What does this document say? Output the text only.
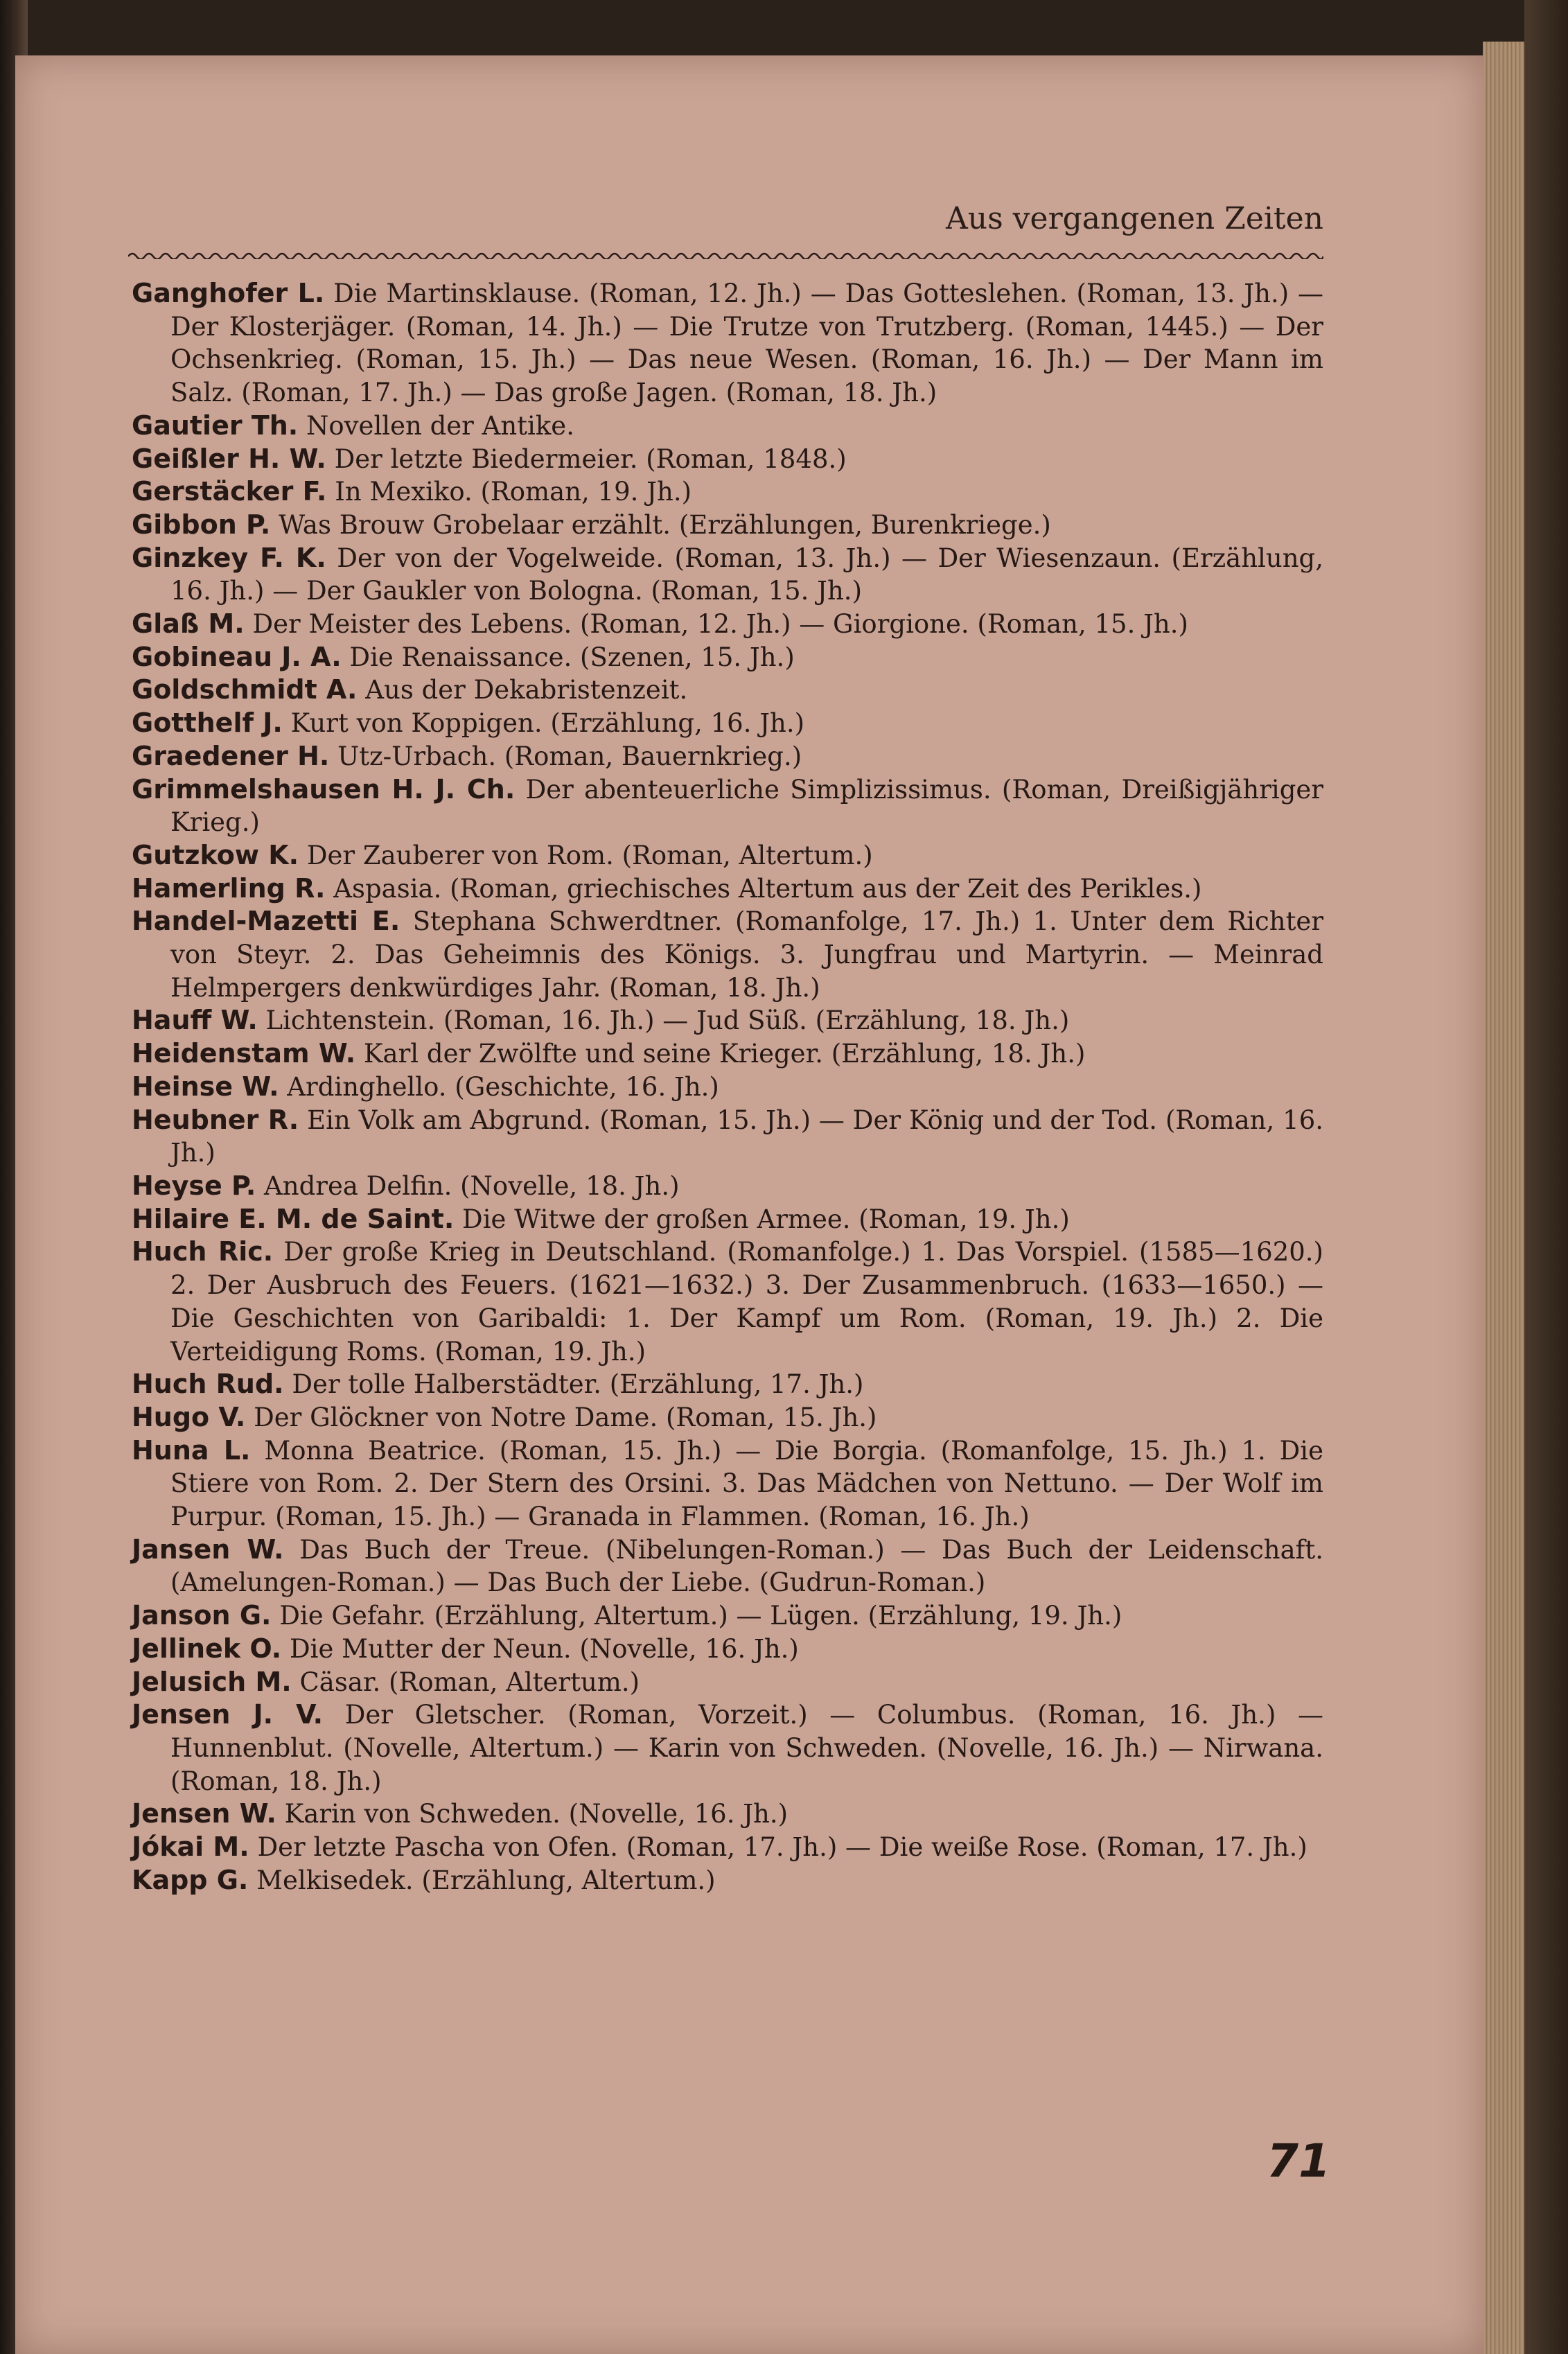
Aus vergangenen Zeiten

Ganghofer L. Die Martinsklause. (Roman, 12. Jh.) — Das Gotteslehen. (Roman, 13. Jh.) — Der Klosterjäger. (Roman, 14. Jh.) — Die Trutze von Trutzberg. (Roman, 1445.) — Der Ochsenkrieg. (Roman, 15. Jh.) — Das neue Wesen. (Roman, 16. Jh.) — Der Mann im Salz. (Roman, 17. Jh.) — Das große Jagen. (Roman, 18. Jh.)

Gautier Th. Novellen der Antike.

Geißler H. W. Der letzte Biedermeier. (Roman, 1848.)

Gerstäcker F. In Mexiko. (Roman, 19. Jh.)

Gibbon P. Was Brouw Grobelaar erzählt. (Erzählungen, Burenkriege.)

Ginzkey F. K. Der von der Vogelweide. (Roman, 13. Jh.) — Der Wiesenzaun. (Erzählung, 16. Jh.) — Der Gaukler von Bologna. (Roman, 15. Jh.)

Glaß M. Der Meister des Lebens. (Roman, 12. Jh.) — Giorgione. (Roman, 15. Jh.)

Gobineau J. A. Die Renaissance. (Szenen, 15. Jh.)

Goldschmidt A. Aus der Dekabristenzeit.

Gotthelf J. Kurt von Koppigen. (Erzählung, 16. Jh.)

Graedener H. Utz-Urbach. (Roman, Bauernkrieg.)

Grimmelshausen H. J. Ch. Der abenteuerliche Simplizissimus. (Roman, Dreißigjähriger Krieg.)

Gutzkow K. Der Zauberer von Rom. (Roman, Altertum.)

Hamerling R. Aspasia. (Roman, griechisches Altertum aus der Zeit des Perikles.)

Handel-Mazetti E. Stephana Schwerdtner. (Romanfolge, 17. Jh.) 1. Unter dem Richter von Steyr. 2. Das Geheimnis des Königs. 3. Jungfrau und Martyrin. — Meinrad Helmpergers denkwürdiges Jahr. (Roman, 18. Jh.)

Hauff W. Lichtenstein. (Roman, 16. Jh.) — Jud Süß. (Erzählung, 18. Jh.)

Heidenstam W. Karl der Zwölfte und seine Krieger. (Erzählung, 18. Jh.)

Heinse W. Ardinghello. (Geschichte, 16. Jh.)

Heubner R. Ein Volk am Abgrund. (Roman, 15. Jh.) — Der König und der Tod. (Roman, 16. Jh.)

Heyse P. Andrea Delfin. (Novelle, 18. Jh.)

Hilaire E. M. de Saint. Die Witwe der großen Armee. (Roman, 19. Jh.)

Huch Ric. Der große Krieg in Deutschland. (Romanfolge.) 1. Das Vorspiel. (1585—1620.) 2. Der Ausbruch des Feuers. (1621—1632.) 3. Der Zusammenbruch. (1633—1650.) — Die Geschichten von Garibaldi: 1. Der Kampf um Rom. (Roman, 19. Jh.) 2. Die Verteidigung Roms. (Roman, 19. Jh.)

Huch Rud. Der tolle Halberstädter. (Erzählung, 17. Jh.)

Hugo V. Der Glöckner von Notre Dame. (Roman, 15. Jh.)

Huna L. Monna Beatrice. (Roman, 15. Jh.) — Die Borgia. (Romanfolge, 15. Jh.) 1. Die Stiere von Rom. 2. Der Stern des Orsini. 3. Das Mädchen von Nettuno. — Der Wolf im Purpur. (Roman, 15. Jh.) — Granada in Flammen. (Roman, 16. Jh.)

Jansen W. Das Buch der Treue. (Nibelungen-Roman.) — Das Buch der Leidenschaft. (Amelungen-Roman.) — Das Buch der Liebe. (Gudrun-Roman.)

Janson G. Die Gefahr. (Erzählung, Altertum.) — Lügen. (Erzählung, 19. Jh.)

Jellinek O. Die Mutter der Neun. (Novelle, 16. Jh.)

Jelusich M. Cäsar. (Roman, Altertum.)

Jensen J. V. Der Gletscher. (Roman, Vorzeit.) — Columbus. (Roman, 16. Jh.) — Hunnenblut. (Novelle, Altertum.) — Karin von Schweden. (Novelle, 16. Jh.) — Nirwana. (Roman, 18. Jh.)

Jensen W. Karin von Schweden. (Novelle, 16. Jh.)

Jókai M. Der letzte Pascha von Ofen. (Roman, 17. Jh.) — Die weiße Rose. (Roman, 17. Jh.)

Kapp G. Melkisedek. (Erzählung, Altertum.)

71
